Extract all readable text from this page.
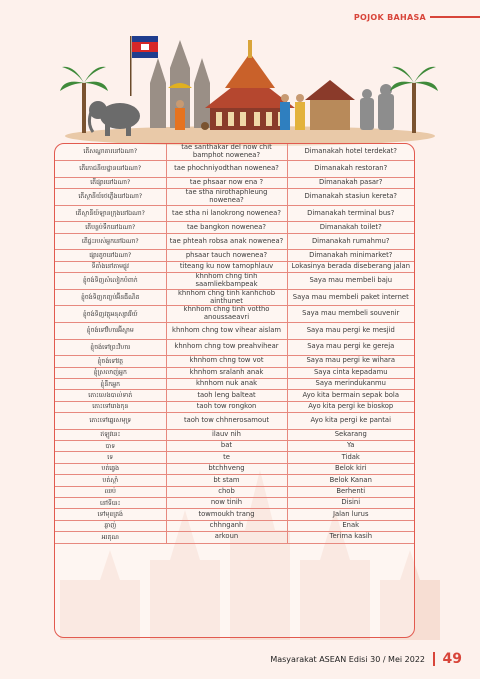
POJOK BAHASA
តើសណ្ឋាគារនៅឯណា?	tae santhakar del now chit bamphot nowenea?	Dimanakah hotel terdekat?
តើភោជនីយដ្ឋាននៅឯណា?	tae phochniyodthan nowenea?	Dimanakah restoran?
តើផ្សារនៅឯណា?	tae phsaar now ena ?	Dimanakah pasar?
តើស្ថានីយ៍រថភ្លើងនៅឯណា?	tae stha nirothaphleung nowenea?	Dimanakah stasiun kereta?
តើស្ថានីយ៍ឡានក្រុងនៅឯណា?	tae stha ni lanokrong nowenea?	Dimanakah terminal bus?
តើបន្ទប់ទឹកនៅឯណា?	tae bangkon nowenea?	Dimanakah toilet?
តើផ្ទះរបស់អ្នកនៅឯណា?	tae phteah robsa anak nowenea?	Dimanakah rumahmu?
ផ្សារតូចនៅឯណា?	phsaar tauch nowenea?	Dimanakah minimarket?
ទីតាំងនៅតាមផ្លូវ	titeang ku now tamophlauv	Lokasinya berada diseberang jalan
ខ្ញុំចង់ទិញសំលៀកបំពាក់	khnhom chng tinh saamliekbampeak	Saya mau membeli baju
ខ្ញុំចង់ទិញកញ្ចប់អ៊ីនធឺណិត	khnhom chng tinh kanhchob ainthunet	Saya mau membeli paket internet
ខ្ញុំចង់ទិញវត្ថុអនុស្សាវរីយ៍	khnhom chng tinh vottho anoussaeavri	Saya mau membeli souvenir
ខ្ញុំចង់ទៅវិហារអ៊ីស្លាម	khnhom chng tow vihear aislam	Saya mau pergi ke mesjid
ខ្ញុំចង់ទៅព្រះវិហារ	khnhom chng tow preahvihear	Saya mau pergi ke gereja
ខ្ញុំចង់ទៅវត្ត	khnhom chng tow vot	Saya mau pergi ke wihara
ខ្ញុំស្រលាញ់អ្នក	khnhom sralanh anak	Saya cinta kepadamu
ខ្ញុំនឹកអ្នក	khnhom nuk anak	Saya merindukanmu
តោះលេងបាល់ទាត់	taoh leng balteat	Ayo kita bermain sepak bola
តោះទៅរោងកុន	taoh tow rongkon	Ayo kita pergi ke bioskop
តោះទៅឆ្នេរសមុទ្រ	taoh tow chhnerosamout	Ayo kita pergi ke pantai
ឥឡូវនេះ	ilauv nih	Sekarang
បាទ	bat	Ya
ទេ	te	Tidak
បត់ឆ្វេង	btchhveng	Belok kiri
បត់ស្តាំ	bt stam	Belok Kanan
ឈប់	chob	Berhenti
នៅទីនេះ	now tinih	Disini
ទៅមុខត្រង់	towmoukh trang	Jalan lurus
ឆ្ងាញ់	chhnganh	Enak
អរគុណ	arkoun	Terima kasih
Masyarakat ASEAN Edisi 30 / Mei 2022 49
